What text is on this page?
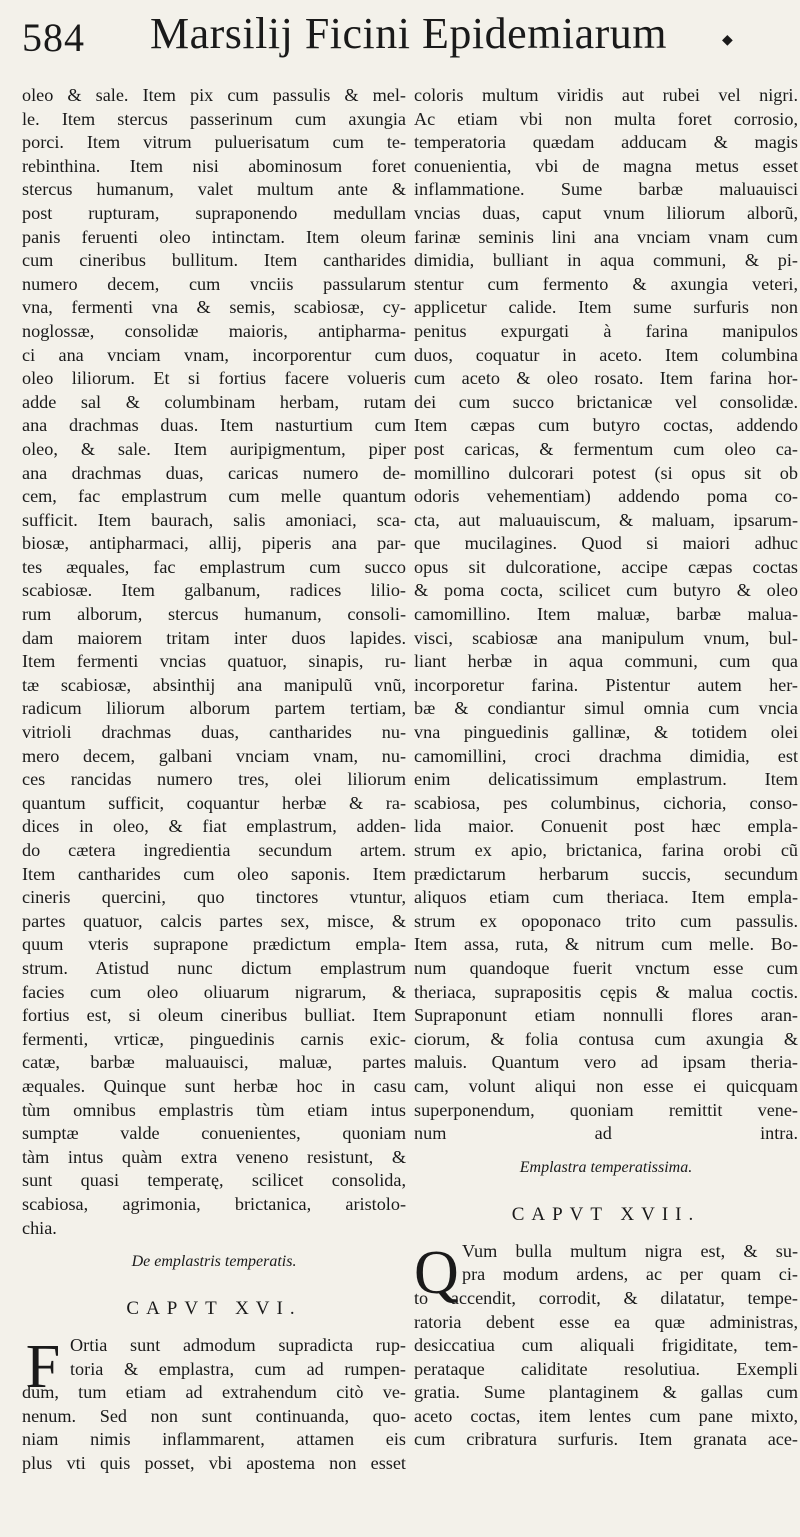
584 Marsilij Ficini Epidemiarum	◆
oleo & sale. Item pix cum passulis & mel-
le. Item stercus passerinum cum axungia
porci. Item vitrum puluerisatum cum te-
rebinthina. Item nisi abominosum foret
stercus humanum, valet multum ante &
post rupturam, supraponendo medullam
panis feruenti oleo intinctam. Item oleum
cum cineribus bullitum. Item cantharides
numero decem, cum vnciis passularum
vna, fermenti vna & semis, scabiosæ, cy-
noglossæ, consolidæ maioris, antipharma-
ci ana vnciam vnam, incorporentur cum
oleo liliorum. Et si fortius facere volueris
adde sal & columbinam herbam, rutam
ana drachmas duas. Item nasturtium cum
oleo, & sale. Item auripigmentum, piper
ana drachmas duas, caricas numero de-
cem, fac emplastrum cum melle quantum
sufficit. Item baurach, salis amoniaci, sca-
biosæ, antipharmaci, allij, piperis ana par-
tes æquales, fac emplastrum cum succo
scabiosæ. Item galbanum, radices lilio-
rum alborum, stercus humanum, consoli-
dam maiorem tritam inter duos lapides.
Item fermenti vncias quatuor, sinapis, ru-
tæ scabiosæ, absinthij ana manipulũ vnũ,
radicum liliorum alborum partem tertiam,
vitrioli drachmas duas, cantharides nu-
mero decem, galbani vnciam vnam, nu-
ces rancidas numero tres, olei liliorum
quantum sufficit, coquantur herbæ & ra-
dices in oleo, & fiat emplastrum, adden-
do cætera ingredientia secundum artem.
Item cantharides cum oleo saponis. Item
cineris quercini, quo tinctores vtuntur,
partes quatuor, calcis partes sex, misce, &
quum vteris suprapone prædictum empla-
strum. Atistud nunc dictum emplastrum
facies cum oleo oliuarum nigrarum, &
fortius est, si oleum cineribus bulliat. Item
fermenti, vrticæ, pinguedinis carnis exic-
catæ, barbæ maluauisci, maluæ, partes
æquales. Quinque sunt herbæ hoc in casu
tùm omnibus emplastris tùm etiam intus
sumptæ valde conuenientes, quoniam
tàm intus quàm extra veneno resistunt, &
sunt quasi temperatę, scilicet consolida,
scabiosa, agrimonia, brictanica, aristolo-
chia.
De emplastris temperatis.
CAPVT XVI.
F Ortia sunt admodum supradicta rup-
toria & emplastra, cum ad rumpen-
dum, tum etiam ad extrahendum citò ve-
nenum. Sed non sunt continuanda, quo-
niam nimis inflammarent, attamen eis
plus vti quis posset, vbi apostema non esset
coloris multum viridis aut rubei vel nigri.
Ac etiam vbi non multa foret corrosio,
temperatoria quædam adducam & magis
conuenientia, vbi de magna metus esset
inflammatione. Sume barbæ maluauisci
vncias duas, caput vnum liliorum alborũ,
farinæ seminis lini ana vnciam vnam cum
dimidia, bulliant in aqua communi, & pi-
stentur cum fermento & axungia veteri,
applicetur calide. Item sume surfuris non
penitus expurgati à farina manipulos
duos, coquatur in aceto. Item columbina
cum aceto & oleo rosato. Item farina hor-
dei cum succo brictanicæ vel consolidæ.
Item cæpas cum butyro coctas, addendo
post caricas, & fermentum cum oleo ca-
momillino dulcorari potest (si opus sit ob
odoris vehementiam) addendo poma co-
cta, aut maluauiscum, & maluam, ipsarum-
que mucilagines. Quod si maiori adhuc
opus sit dulcoratione, accipe cæpas coctas
& poma cocta, scilicet cum butyro & oleo
camomillino. Item maluæ, barbæ malua-
visci, scabiosæ ana manipulum vnum, bul-
liant herbæ in aqua communi, cum qua
incorporetur farina. Pistentur autem her-
bæ & condiantur simul omnia cum vncia
vna pinguedinis gallinæ, & totidem olei
camomillini, croci drachma dimidia, est
enim delicatissimum emplastrum. Item
scabiosa, pes columbinus, cichoria, conso-
lida maior. Conuenit post hæc empla-
strum ex apio, brictanica, farina orobi cũ
prædictarum herbarum succis, secundum
aliquos etiam cum theriaca. Item empla-
strum ex opoponaco trito cum passulis.
Item assa, ruta, & nitrum cum melle. Bo-
num quandoque fuerit vnctum esse cum
theriaca, suprapositis cępis & malua coctis.
Supraponunt etiam nonnulli flores aran-
ciorum, & folia contusa cum axungia &
maluis. Quantum vero ad ipsam theria-
cam, volunt aliqui non esse ei quicquam
superponendum, quoniam remittit vene-
num ad intra.
Emplastra temperatissima.
CAPVT XVII.
Q Vum bulla multum nigra est, & su-
pra modum ardens, ac per quam ci-
to accendit, corrodit, & dilatatur, tempe-
ratoria debent esse ea quæ administras,
desiccatiua cum aliquali frigiditate, tem-
perataque caliditate resolutiua. Exempli
gratia. Sume plantaginem & gallas cum
aceto coctas, item lentes cum pane mixto,
cum cribratura surfuris. Item granata ace-
